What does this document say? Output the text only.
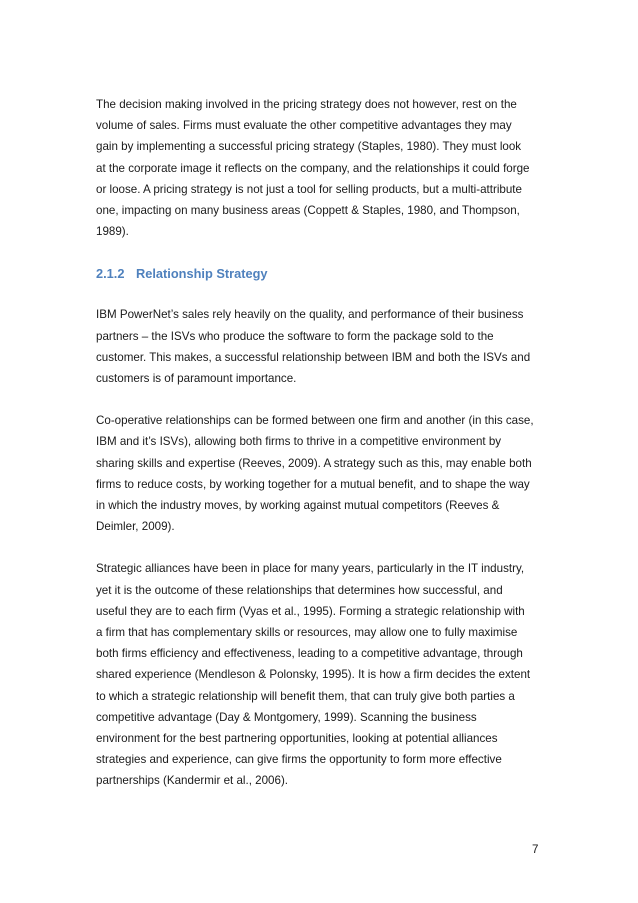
The decision making involved in the pricing strategy does not however, rest on the
volume of sales. Firms must evaluate the other competitive advantages they may
gain by implementing a successful pricing strategy (Staples, 1980). They must look
at the corporate image it reflects on the company, and the relationships it could forge
or loose. A pricing strategy is not just a tool for selling products, but a multi-attribute
one, impacting on many business areas (Coppett & Staples, 1980, and Thompson,
1989).

2.1.2 Relationship Strategy

IBM PowerNet’s sales rely heavily on the quality, and performance of their business
partners – the ISVs who produce the software to form the package sold to the
customer. This makes, a successful relationship between IBM and both the ISVs and
customers is of paramount importance.

Co-operative relationships can be formed between one firm and another (in this case,
IBM and it’s ISVs), allowing both firms to thrive in a competitive environment by
sharing skills and expertise (Reeves, 2009). A strategy such as this, may enable both
firms to reduce costs, by working together for a mutual benefit, and to shape the way
in which the industry moves, by working against mutual competitors (Reeves &
Deimler, 2009).

Strategic alliances have been in place for many years, particularly in the IT industry,
yet it is the outcome of these relationships that determines how successful, and
useful they are to each firm (Vyas et al., 1995). Forming a strategic relationship with
a firm that has complementary skills or resources, may allow one to fully maximise
both firms efficiency and effectiveness, leading to a competitive advantage, through
shared experience (Mendleson & Polonsky, 1995). It is how a firm decides the extent
to which a strategic relationship will benefit them, that can truly give both parties a
competitive advantage (Day & Montgomery, 1999). Scanning the business
environment for the best partnering opportunities, looking at potential alliances
strategies and experience, can give firms the opportunity to form more effective
partnerships (Kandermir et al., 2006).

7
